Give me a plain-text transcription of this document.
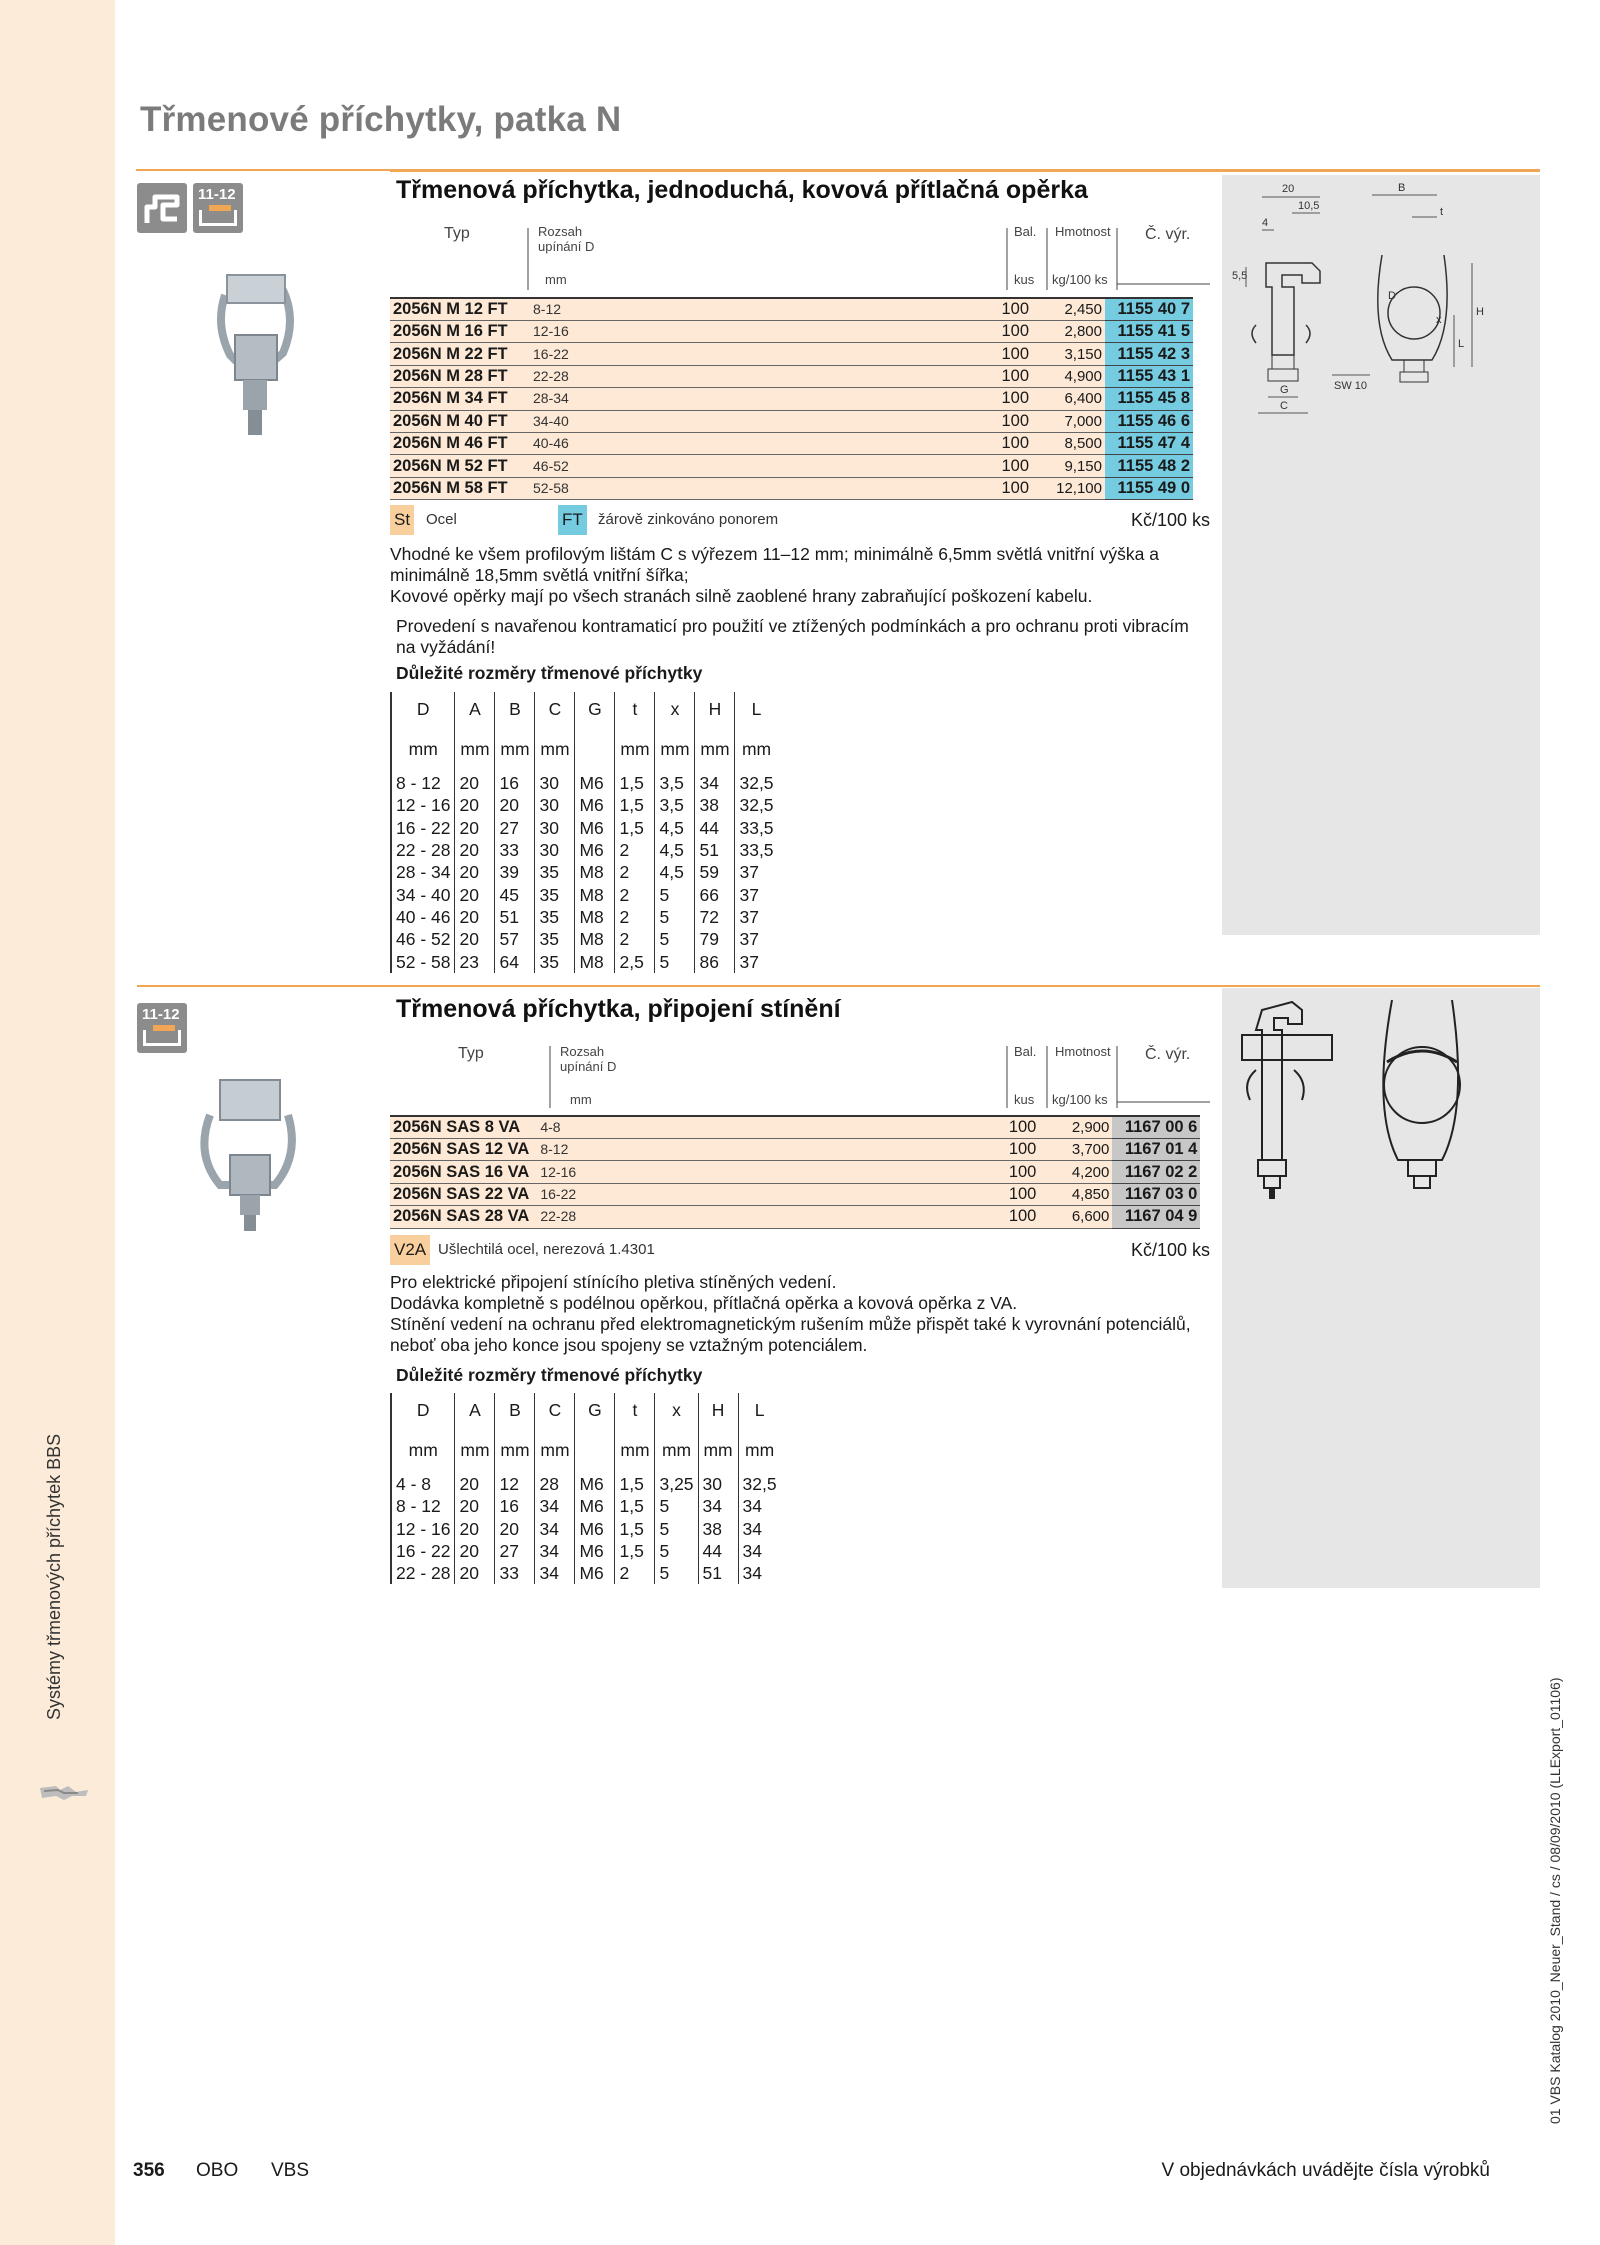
Systémy třmenových příchytek BBS
01 VBS Katalog 2010_Neuer_Stand / cs / 08/09/2010 (LLExport_01106)
Třmenové příchytky, patka N
11-12	20
10,5
4
5,5
B
t
D
x
H
L
G
C
SW 10
Třmenová příchytka, jednoduchá, kovová přítlačná opěrka
Typ	Rozsah upínání D
mm
Bal.
kus
Hmotnost
kg/100 ks
Č. výr.
2056N M 12 FT	8-12	100	2,450	1155 40 7
2056N M 16 FT	12-16	100	2,800	1155 41 5
2056N M 22 FT	16-22	100	3,150	1155 42 3
2056N M 28 FT	22-28	100	4,900	1155 43 1
2056N M 34 FT	28-34	100	6,400	1155 45 8
2056N M 40 FT	34-40	100	7,000	1155 46 6
2056N M 46 FT	40-46	100	8,500	1155 47 4
2056N M 52 FT	46-52	100	9,150	1155 48 2
2056N M 58 FT	52-58	100	12,100	1155 49 0
St Ocel	FT žárově zinkováno ponorem	Kč/100 ks

Vhodné ke všem profilovým lištám C s výřezem 11–12 mm; minimálně 6,5mm světlá vnitřní výška a minimálně 18,5mm světlá vnitřní šířka;

Kovové opěrky mají po všech stranách silně zaoblené hrany zabraňující poškození kabelu.

Provedení s navařenou kontramaticí pro použití ve ztížených podmínkách a pro ochranu proti vibracím na vyžádání!

Důležité rozměry třmenové příchytky
D	A	B	C	G	t	x	H	L
mm	mm	mm	mm		mm	mm	mm	mm

8 - 12	20	16	30	M6	1,5	3,5	34	32,5
12 - 16	20	20	30	M6	1,5	3,5	38	32,5
16 - 22	20	27	30	M6	1,5	4,5	44	33,5
22 - 28	20	33	30	M6	2	4,5	51	33,5
28 - 34	20	39	35	M8	2	4,5	59	37
34 - 40	20	45	35	M8	2	5	66	37
40 - 46	20	51	35	M8	2	5	72	37
46 - 52	20	57	35	M8	2	5	79	37
52 - 58	23	64	35	M8	2,5	5	86	37
11-12	Třmenová příchytka, připojení stínění
Typ	Rozsah upínání D
mm
Bal.
kus
Hmotnost
kg/100 ks
Č. výr.
2056N SAS 8 VA	4-8	100	2,900	1167 00 6
2056N SAS 12 VA	8-12	100	3,700	1167 01 4
2056N SAS 16 VA	12-16	100	4,200	1167 02 2
2056N SAS 22 VA	16-22	100	4,850	1167 03 0
2056N SAS 28 VA	22-28	100	6,600	1167 04 9
V2A Ušlechtilá ocel, nerezová 1.4301	Kč/100 ks

Pro elektrické připojení stínícího pletiva stíněných vedení.

Dodávka kompletně s podélnou opěrkou, přítlačná opěrka a kovová opěrka z VA.

Stínění vedení na ochranu před elektromagnetickým rušením může přispět také k vyrovnání potenciálů, neboť oba jeho konce jsou spojeny se vztažným potenciálem.

Důležité rozměry třmenové příchytky
D	A	B	C	G	t	x	H	L
mm	mm	mm	mm		mm	mm	mm	mm

4 - 8	20	12	28	M6	1,5	3,25	30	32,5
8 - 12	20	16	34	M6	1,5	5	34	34
12 - 16	20	20	34	M6	1,5	5	38	34
16 - 22	20	27	34	M6	1,5	5	44	34
22 - 28	20	33	34	M6	2	5	51	34
356 OBO VBS	V objednávkách uvádějte čísla výrobků
